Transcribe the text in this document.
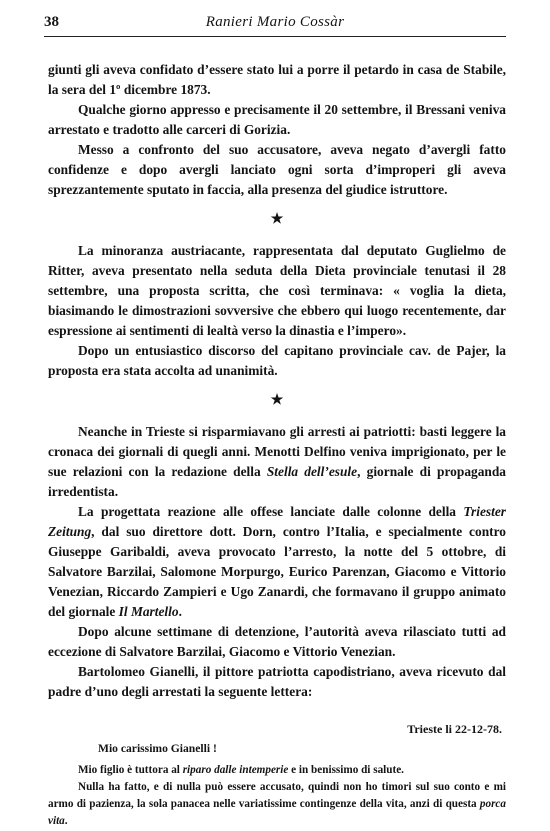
38	Ranieri Mario Cossàr

giunti gli aveva confidato d’essere stato lui a porre il petardo in casa de Stabile, la sera del 1º dicembre 1873.

Qualche giorno appresso e precisamente il 20 settembre, il Bressani veniva arrestato e tradotto alle carceri di Gorizia.

Messo a confronto del suo accusatore, aveva negato d’avergli fatto confidenze e dopo avergli lanciato ogni sorta d’improperi gli aveva sprezzantemente sputato in faccia, alla presenza del giudice istruttore.

★

La minoranza austriacante, rappresentata dal deputato Guglielmo de Ritter, aveva presentato nella seduta della Dieta provinciale tenutasi il 28 settembre, una proposta scritta, che così terminava: « voglia la dieta, biasimando le dimostrazioni sovversive che ebbero qui luogo recentemente, dar espressione ai sentimenti di lealtà verso la dinastia e l’impero».

Dopo un entusiastico discorso del capitano provinciale cav. de Pajer, la proposta era stata accolta ad unanimità.

★

Neanche in Trieste si risparmiavano gli arresti ai patriotti: basti leggere la cronaca dei giornali di quegli anni. Menotti Delfino veniva imprigionato, per le sue relazioni con la redazione della Stella dell’esule, giornale di propaganda irredentista.

La progettata reazione alle offese lanciate dalle colonne della Triester Zeitung, dal suo direttore dott. Dorn, contro l’Italia, e specialmente contro Giuseppe Garibaldi, aveva provocato l’arresto, la notte del 5 ottobre, di Salvatore Barzilai, Salomone Morpurgo, Eurico Parenzan, Giacomo e Vittorio Venezian, Riccardo Zampieri e Ugo Zanardi, che formavano il gruppo animato del giornale Il Martello.

Dopo alcune settimane di detenzione, l’autorità aveva rilasciato tutti ad eccezione di Salvatore Barzilai, Giacomo e Vittorio Venezian.

Bartolomeo Gianelli, il pittore patriotta capodistriano, aveva ricevuto dal padre d’uno degli arrestati la seguente lettera:

Trieste li 22-12-78.
Mio carissimo Gianelli !

Mio figlio è tuttora al riparo dalle intemperie e in benissimo di salute.

Nulla ha fatto, e di nulla può essere accusato, quindi non ho timori sul suo conto e mi armo di pazienza, la sola panacea nelle variatissime contingenze della vita, anzi di questa porca vita.
